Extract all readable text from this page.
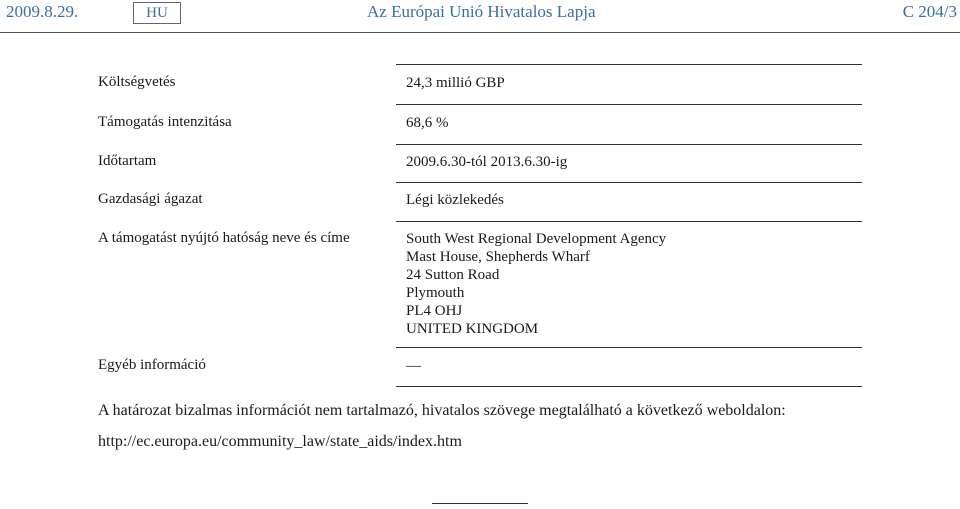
2009.8.29.	HU	Az Európai Unió Hivatalos Lapja	C 204/3
Költségvetés	24,3 millió GBP
Támogatás intenzitása	68,6 %
Időtartam	2009.6.30-tól 2013.6.30-ig
Gazdasági ágazat	Légi közlekedés
A támogatást nyújtó hatóság neve és címe	South West Regional Development Agency
Mast House, Shepherds Wharf
24 Sutton Road
Plymouth
PL4 OHJ
UNITED KINGDOM
Egyéb információ	—
A határozat bizalmas információt nem tartalmazó, hivatalos szövege megtalálható a következő weboldalon:
http://ec.europa.eu/community_law/state_aids/index.htm
